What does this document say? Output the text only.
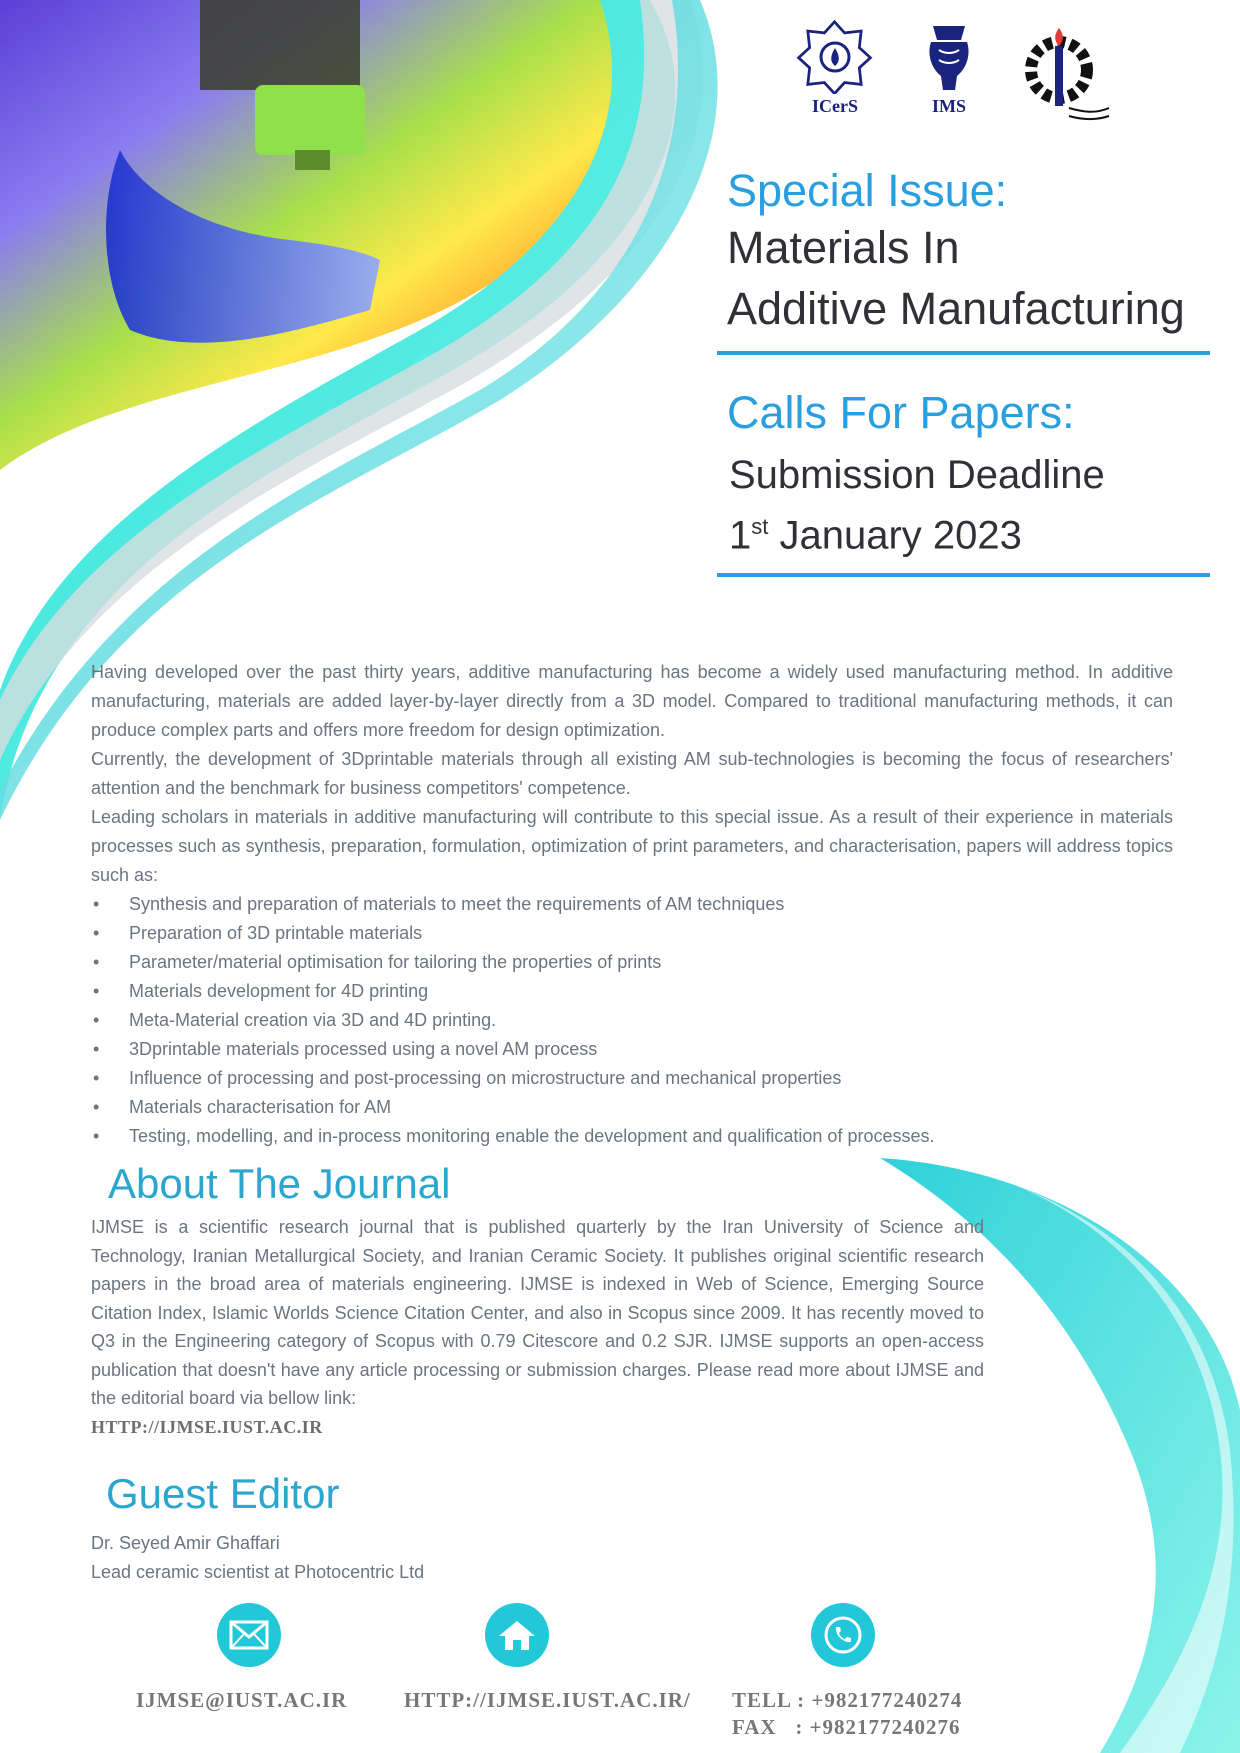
ICerS	IMS
Special Issue:
Materials In
Additive Manufacturing
Calls For Papers:
Submission Deadline
1st January 2023

Having developed over the past thirty years, additive manufacturing has become a widely used manufacturing method. In additive manufacturing, materials are added layer-by-layer directly from a 3D model. Compared to traditional manufacturing methods, it can produce complex parts and offers more freedom for design optimization.

Currently, the development of 3Dprintable materials through all existing AM sub-technologies is becoming the focus of researchers' attention and the benchmark for business competitors' competence.

Leading scholars in materials in additive manufacturing will contribute to this special issue. As a result of their experience in materials processes such as synthesis, preparation, formulation, optimization of print parameters, and characterisation, papers will address topics such as:

• Synthesis and preparation of materials to meet the requirements of AM techniques
• Preparation of 3D printable materials
• Parameter/material optimisation for tailoring the properties of prints
• Materials development for 4D printing
• Meta-Material creation via 3D and 4D printing.
• 3Dprintable materials processed using a novel AM process
• Influence of processing and post-processing on microstructure and mechanical properties
• Materials characterisation for AM
• Testing, modelling, and in-process monitoring enable the development and qualification of processes.
About The Journal

IJMSE is a scientific research journal that is published quarterly by the Iran University of Science and Technology, Iranian Metallurgical Society, and Iranian Ceramic Society. It publishes original scientific research papers in the broad area of materials engineering. IJMSE is indexed in Web of Science, Emerging Source Citation Index, Islamic Worlds Science Citation Center, and also in Scopus since 2009. It has recently moved to Q3 in the Engineering category of Scopus with 0.79 Citescore and 0.2 SJR. IJMSE supports an open-access publication that doesn't have any article processing or submission charges. Please read more about IJMSE and the editorial board via bellow link:

HTTP://IJMSE.IUST.AC.IR
Guest Editor
Dr. Seyed Amir Ghaffari
Lead ceramic scientist at Photocentric Ltd
IJMSE@IUST.AC.IR	HTTP://IJMSE.IUST.AC.IR/ TELL : +982177240274
FAX   : +982177240276
